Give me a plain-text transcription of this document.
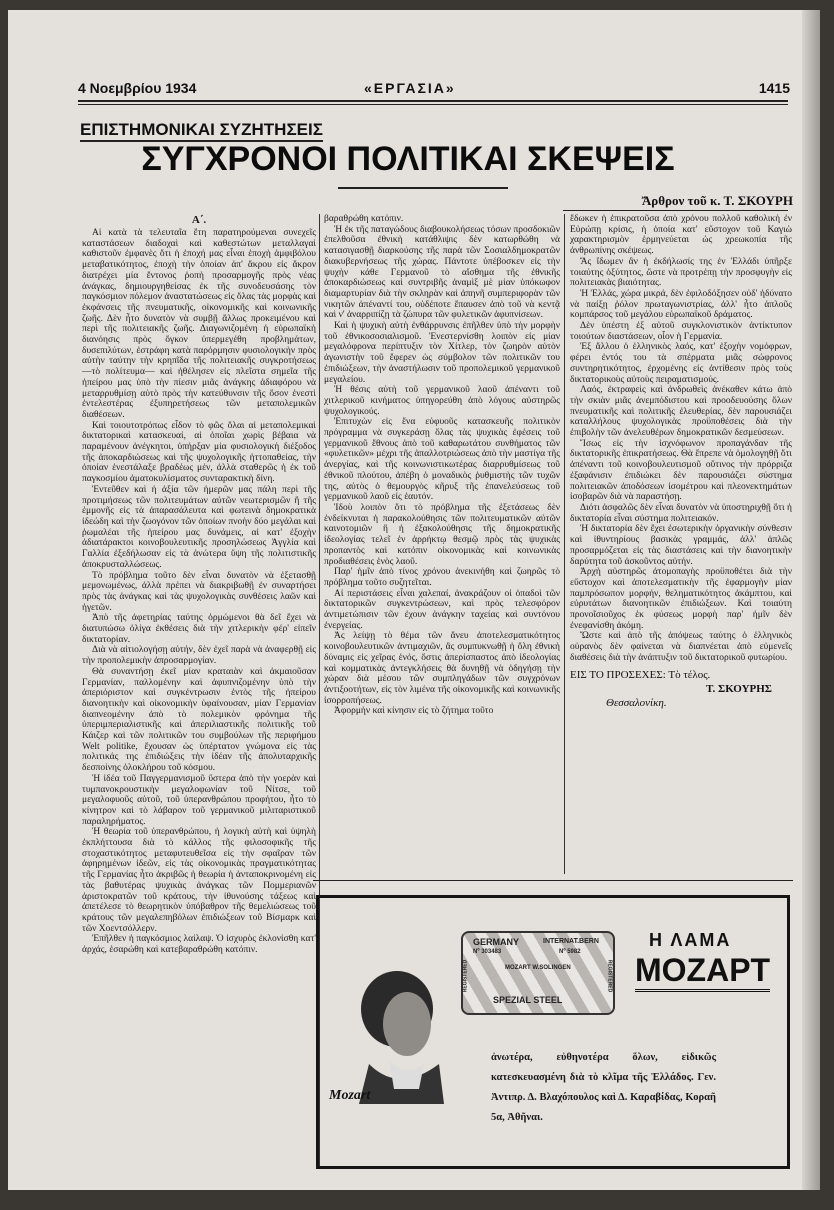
4 Νοεμβρίου 1934	«ΕΡΓΑΣΙΑ»	1415
ΕΠΙΣΤΗΜΟΝΙΚΑΙ ΣΥΖΗΤΗΣΕΙΣ
ΣΥΓΧΡΟΝΟΙ ΠΟΛΙΤΙΚΑΙ ΣΚΕΨΕΙΣ
Ἄρθρον τοῦ κ. Τ. ΣΚΟΥΡΗ
Α΄.

Αἱ κατὰ τὰ τελευταῖα ἔτη παρατηρούμεναι συνεχεῖς καταστάσεων διαδοχαὶ καὶ καθεστώτων μεταλλαγαὶ καθιστοῦν ἐμφανὲς ὅτι ἡ ἐποχή μας εἶναι ἐποχὴ ἀμφιβόλου μεταβατικότητος, ἐποχὴ τὴν ὁποίαν ἀπ' ἄκρου εἰς ἄκρον διατρέχει μία ἔντονος ῥοπὴ προσαρμογῆς πρὸς νέας ἀνάγκας, δημιουργηθείσας ἐκ τῆς συνοδευσάσης τὸν παγκόσμιον πόλεμον ἀναστατώσεως εἰς ὅλας τὰς μορφὰς καὶ ἐκφάνσεις τῆς πνευματικῆς, οἰκονομικῆς καὶ κοινωνικῆς ζωῆς. Δὲν ἦτο δυνατὸν νὰ συμβῇ ἄλλως προκειμένου καὶ περὶ τῆς πολιτειακῆς ζωῆς. Διαγωνιζομένη ἡ εὐρωπαϊκὴ διανόησις πρὸς ὄγκον ὑπερμεγέθη προβλημάτων, δυσεπιλύτων, ἐστράφη κατὰ παρόρμησιν φυσιολογικὴν πρὸς αὐτὴν ταύτην τὴν κρηπῖδα τῆς πολιτειακῆς συγκροτήσεως —τὸ πολίτευμα— καὶ ἠθέλησεν εἰς πλεῖστα σημεῖα τῆς ἠπείρου μας ὑπὸ τὴν πίεσιν μιᾶς ἀνάγκης ἀδιαφόρου νὰ μεταρρυθμίσῃ αὐτὸ πρὸς τὴν κατεύθυνσιν τῆς ὅσον ἐνεστὶ ἐντελεστέρας ἐξυπηρετήσεως τῶν μεταπολεμικῶν διαθέσεων.

Καὶ τοιουτοτρόπως εἶδον τὸ φῶς ὅλαι αἱ μεταπολεμικαὶ δικτατορικαὶ κατασκευαί, αἱ ὁποῖαι χωρὶς βέβαια νὰ παραμένουν ἀνέγκητοι, ὑπήρξαν μία φυσιολογικὴ διέξοδος τῆς ἀποκαρδιώσεως καὶ τῆς ψυχολογικῆς ἡττοπαθείας, τὴν ὁποίαν ἐνεστάλαξε βραδέως μέν, ἀλλὰ σταθερῶς ἡ ἐκ τοῦ παγκοσμίου ἀματοκυλίσματος συνταρακτικὴ δίνη.

Ἐντεῦθεν καὶ ἡ ἀξία τῶν ἡμερῶν μας πάλη περὶ τῆς προτιμήσεως τῶν πολιτευμάτων αὐτῶν νεωτερισμῶν ἢ τῆς ἐμμονῆς εἰς τὰ ἀπαρασάλευτα καὶ φωτεινὰ δημοκρατικὰ ἰδεώδη καὶ τὴν ζωογόνον τῶν ὁποίων πνοὴν δύο μεγάλαι καὶ ῥωμαλέαι τῆς ἠπείρου μας δυνάμεις, αἱ κατ' ἐξοχὴν ἀδιατάρακτοι κοινοβουλευτικῆς προσηλώσεως Ἀγγλία καὶ Γαλλία ἐξεδήλωσαν εἰς τὰ ἀνώτερα ὕψη τῆς πολιτιστικῆς ἀποκρυσταλλώσεως.

Τὸ πρόβλημα τοῦτο δὲν εἶναι δυνατὸν νὰ ἐξετασθῇ μεμονωμένως, ἀλλὰ πρέπει νὰ διακριβωθῇ ἐν συναρτήσει πρὸς τὰς ἀνάγκας καὶ τὰς ψυχολογικὰς συνθέσεις λαῶν καὶ ἡγετῶν.

Ἀπὸ τῆς ἀφετηρίας ταύτης ὁρμώμενοι θὰ δεῖ ἔχει νὰ διατυπώσω ὀλίγα ἐκθέσεις διὰ τὴν χιτλερικὴν φέρ' εἰπεῖν δικτατορίαν.

Διὰ νὰ αἰτιολογήσῃ αὐτήν, δὲν ἐχεῖ παρὰ νὰ ἀναφερθῇ εἰς τὴν προπολεμικὴν ἀπροσαρμογίαν.

Θὰ συναντήσῃ ἐκεῖ μίαν κραταιὰν καὶ ἀκμαιοῦσαν Γερμανίαν, παλλομένην καὶ ἀφυπνιζομένην ὑπὸ τὴν ἀπεριόριστον καὶ συγκέντρωσιν ἐντὸς τῆς ἠπείρου διανοητικὴν καὶ οἰκονομικὴν ὑφαίνουσαν, μίαν Γερμανίαν διαπνεομένην ἀπὸ τὸ πολεμικὸν φρόνημα τῆς ὑπεριμπεριαλιστικῆς καὶ ἀπεριλιαστικῆς πολιτικῆς τοῦ Κάιζερ καὶ τῶν πολιτικῶν του συμβούλων τῆς περιφήμου Welt politike, ἔχουσαν ὡς ὑπέρτατον γνώμονα εἰς τὰς πολιτικάς της ἐπιδιώξεις τὴν ἰδέαν τῆς ἀπολυταρχικῆς δεσποίνης ὁλοκλήρου τοῦ κόσμου.

Ἡ ἰδέα τοῦ Παγγερμανισμοῦ ὕστερα ἀπὸ τὴν γοερὰν καὶ τυμπανοκρουστικὴν μεγαλοφωνίαν τοῦ Νίτσε, τοῦ μεγαλοφυοῦς αὐτοῦ, τοῦ ὑπερανθρώπου προφήτου, ἦτο τὸ κίνητρον καὶ τὸ λάβαρον τοῦ γερμανικοῦ μιλιταριστικοῦ παραληρήματος.

Ἡ θεωρία τοῦ ὑπερανθρώπου, ἡ λογικὴ αὐτὴ καὶ ὑψηλὴ ἐκπλήττουσα διὰ τὸ κάλλος τῆς φιλοσοφικῆς τῆς στοχαστικότητος μεταφυτευθεῖσα εἰς τὴν σφαῖραν τῶν ἀφηρημένων ἰδεῶν, εἰς τὰς οἰκονομικὰς πραγματικότητας τῆς Γερμανίας ἦτο ἀκριβῶς ἡ θεωρία ἡ ἀνταποκρινομένη εἰς τὰς βαθυτέρας ψυχικὰς ἀνάγκας τῶν Πομμεριανῶν ἀριστοκρατῶν τοῦ κράτους, τὴν ἰθυνούσης τάξεως καὶ ἀπετέλεσε τὸ θεωρητικὸν ὑπόβαθρον τῆς θεμελιώσεως τοῦ κράτους τῶν μεγαλεπηβόλων ἐπιδιώξεων τοῦ Βίσμαρκ καὶ τῶν Χοεντσόλλερν.

Ἐπῆλθεν ἡ παγκόσμιος λαίλαψ. Ὁ ἰσχυρὸς ἐκλονίσθη κατ' ἀρχάς, ἐσαρώθη καὶ κατεβαραθρώθη κατόπιν.

βαραθρώθη κατόπιν.

Ἡ ἐκ τῆς παταγώδους διαβουκολήσεως τόσων προσδοκιῶν ἐπελθοῦσα ἐθνικὴ κατάθλιψις δὲν κατωρθώθη νὰ κατασιγασθῇ διαρκούσης τῆς παρὰ τῶν Σοσιαλδημοκρατῶν διακυβερνήσεως τῆς χώρας. Πάντοτε ὑπέβοσκεν εἰς τὴν ψυχὴν κάθε Γερμανοῦ τὸ αἴσθημα τῆς ἐθνικῆς ἀποκαρδιώσεως καὶ συντριβῆς ἀναμὶξ μὲ μίαν ὑπόκωφον διαμαρτυρίαν διὰ τὴν σκληρὰν καὶ ἀπηνῆ συμπεριφορὰν τῶν νικητῶν ἀπέναντί του, οὐδέποτε ἔπαυσεν ἀπὸ τοῦ νὰ κεντᾷ καὶ ν' ἀναρριπίζῃ τὰ ζώπυρα τῶν φυλετικῶν ἀφυπνίσεων.

Καὶ ἡ ψυχικὴ αὐτὴ ἐνθάρρυνσις ἐπῆλθεν ὑπὸ τὴν μορφὴν τοῦ ἐθνικοσοσιαλισμοῦ. Ἐνεστερνίσθη λοιπὸν εἰς μίαν μεγαλόφρονα περίπτυξιν τὸν Χίτλερ, τὸν ζωηρὸν αὐτὸν ἀγωνιστὴν τοῦ ἔφερεν ὡς σύμβολον τῶν πολιτικῶν του ἐπιδιώξεων, τὴν ἀναστήλωσιν τοῦ προπολεμικοῦ γερμανικοῦ μεγαλείου.

Ἡ θέσις αὐτὴ τοῦ γερμανικοῦ λαοῦ ἀπέναντι τοῦ χιτλερικοῦ κινήματος ὑπηγορεύθη ἀπὸ λόγους αὐστηρῶς ψυχολογικούς.

Ἐπιτυχὼν εἰς ἕνα εὐφυοῦς κατασκευῆς πολιτικὸν πρόγραμμα νὰ συγκεράσῃ ὅλας τὰς ψυχικὰς ἐφέσεις τοῦ γερμανικοῦ ἔθνους ἀπὸ τοῦ καθαρωτάτου συνθήματος τῶν «φυλετικῶν» μέχρι τῆς ἀπαλλοτριώσεως ἀπὸ τὴν μαστίγα τῆς ἀνεργίας, καὶ τῆς κοινωνιστικωτέρας διαρρυθμίσεως τοῦ ἐθνικοῦ πλούτου, ἀπέβη ὁ μοναδικὸς ῥυθμιστὴς τῶν τυχῶν της, αὐτὸς ὁ θεμουργὸς κῆρυξ τῆς ἐπανελεύσεως τοῦ γερμανικοῦ λαοῦ εἰς ἑαυτόν.

Ἰδοὺ λοιπὸν ὅτι τὸ πρόβλημα τῆς ἐξετάσεως δὲν ἐνδείκνυται ἡ παρακολούθησις τῶν πολιτευματικῶν αὐτῶν καινοτομιῶν ἢ ἡ ἐξακολούθησις τῆς δημοκρατικῆς ἰδεολογίας τελεῖ ἐν ἀρρήκτῳ θεσμῷ πρὸς τὰς ψυχικὰς προπαντὸς καὶ κατόπιν οἰκονομικὰς καὶ κοινωνικὰς προδιαθέσεις ἑνὸς λαοῦ.

Παρ' ἡμῖν ἀπὸ τίνος χρόνου ἀνεκινήθη καὶ ζωηρῶς τὸ πρόβλημα τοῦτο συζητεῖται.

Αἱ περιστάσεις εἶναι χαλεπαί, ἀνακράζουν οἱ ὀπαδοὶ τῶν δικτατορικῶν συγκεντρώσεων, καὶ πρὸς τελεσφόρον ἀντιμετώπισιν τῶν ἐχουν ἀνάγκην ταχείας καὶ συντόνου ἐνεργείας.

Ἀς λείψῃ τὸ θέμα τῶν ἄνευ ἀποτελεσματικότητος κοινοβουλευτικῶν ἀντιμαχιῶν, ἂς συμπυκνωθῇ ἡ ὅλη ἐθνικὴ δύναμις εἰς χεῖρας ἑνός, ὅστις ἀπερίσπαστος ἀπὸ ἰδεολογίας καὶ κομματικὰς ἀντεγκλήσεις θὰ δυνηθῇ νὰ ὁδηγήσῃ τὴν χώραν διὰ μέσου τῶν συμπληγάδων τῶν συγχρόνων ἀντιξοοτήτων, εἰς τὸν λιμένα τῆς οἰκονομικῆς καὶ κοινωνικῆς ἰσορροπήσεως.

Ἀφορμὴν καὶ κίνησιν εἰς τὸ ζήτημα τοῦτο

ἔδωκεν ἡ ἐπικρατοῦσα ἀπὸ χρόνου πολλοῦ καθολικὴ ἐν Εὐρώπῃ κρίσις, ἡ ὁποία κατ' εὔστοχον τοῦ Καγιὼ χαρακτηρισμὸν ἑρμηνεύεται ὡς χρεωκοπία τῆς ἀνθρωπίνης σκέψεως.

Ἄς ἴδωμεν ἂν ἡ ἐκδήλωσίς της ἐν Ἑλλάδι ὑπῆρξε τοιαύτης ὀξύτητος, ὥστε νὰ προτρέπῃ τὴν προσφυγὴν εἰς πολιτειακὰς βιαιότητας.

Ἡ Ἑλλάς, χώρα μικρά, δὲν ἐφιλοδόξησεν οὐδ' ἠδύνατο νὰ παίξῃ ῥόλον πρωταγωνιστρίας, ἀλλ' ἦτο ἁπλοῦς κομπάρσος τοῦ μεγάλου εὐρωπαϊκοῦ δράματος.

Δὲν ὑπέστη ἐξ αὐτοῦ συγκλονιστικὸν ἀντίκτυπον τοιούτων διαστάσεων, οἷον ἡ Γερμανία.

Ἐξ ἄλλου ὁ ἑλληνικὸς λαός, κατ' ἐξοχὴν νομόφρων, φέρει ἐντός του τὰ σπέρματα μιᾶς σώφρονος συντηρητικότητος, ἐρχομένης εἰς ἀντίθεσιν πρὸς τοὺς δικτατορικοὺς αὐτοὺς πειραματισμούς.

Λαός, ἐκτραφεὶς καὶ ἀνδρωθεὶς ἀνέκαθεν κάτω ἀπὸ τὴν σκιὰν μιᾶς ἀνεμπόδιστου καὶ προοδευούσης ὅλων πνευματικῆς καὶ πολιτικῆς ἐλευθερίας, δὲν παρουσιάζει καταλλήλους ψυχολογικὰς προϋποθέσεις διὰ τὴν ἐπιβολὴν τῶν ἀνελευθέρων δημοκρατικῶν δεσμεύσεων.

Ἴσως εἰς τὴν ἰσχνόφωνον προπαγάνδαν τῆς δικτατορικῆς ἐπικρατήσεως. Θὰ ἔπρεπε νὰ ὁμολογηθῇ ὅτι ἀπέναντι τοῦ κοινοβουλευτισμοῦ οὕτινος τὴν πρόρριζα ἐξαφάνισιν ἐπιδιώκει δὲν παρουσιάζει σύστημα πολιτειακῶν ἀποδόσεων ἰσομέτρου καὶ πλεονεκτημάτων ἰσοβαρῶν διὰ νὰ παραστήσῃ.

Διότι ἀσφαλῶς δὲν εἶναι δυνατὸν νὰ ὑποστηριχθῇ ὅτι ἡ δικτατορία εἶναι σύστημα πολιτειακόν.

Ἡ δικτατορία δὲν ἔχει ἐσωτερικὴν ὀργανικὴν σύνθεσιν καὶ ἰθυντηρίους βασικὰς γραμμάς, ἀλλ' ἁπλῶς προσαρμόζεται εἰς τὰς διαστάσεις καὶ τὴν διανοητικὴν δαρύτητα τοῦ ἀσκοῦντος αὐτήν.

Ἀρχὴ αὐστηρῶς ἀτομοπαγὴς προϋποθέτει διὰ τὴν εὔστοχον καὶ ἀποτελεσματικὴν τῆς ἐφαρμογὴν μίαν παμπρόσωπον μορφήν, θεληματικότητος ἀκάμπτου, καὶ εὐρυτάτων διανοητικῶν ἐπιδιώξεων. Καὶ τοιαύτη προνοῖσιοῦχος ἐκ φύσεως μορφὴ παρ' ἡμῖν δὲν ἐνεφανίσθη ἀκόμη.

Ὥστε καὶ ἀπὸ τῆς ἀπόψεως ταύτης ὁ ἑλληνικὸς οὐρανὸς δὲν φαίνεται νὰ διαπνέεται ἀπὸ εὐμενεῖς διαθέσεις διὰ τὴν ἀνάπτυξιν τοῦ δικτατορικοῦ φυτωρίου.

ΕΙΣ ΤΟ ΠΡΟΣΕΧΕΣ: Τὸ τέλος.
Τ. ΣΚΟΥΡΗΣ
Θεσσαλονίκη.
Mozart
GERMANY
Nº 303483
INTERNAT.BERN
Nº 5982
MOZART W.SOLINGEN
SPEZIAL STEEL
REGISTERED	REGISTERED
Η ΛΑΜΑ
ΜΟΖΑΡΤ
ἀνωτέρα, εὐθηνοτέρα ὅλων, εἰδικῶς κατεσκευασμένη διὰ τὸ κλῖμα τῆς Ἑλλάδος. Γεν. Ἀντιπρ. Δ. Βλαχόπουλος καὶ Δ. Καραβίδας, Κοραῆ 5α, Ἀθῆναι.
